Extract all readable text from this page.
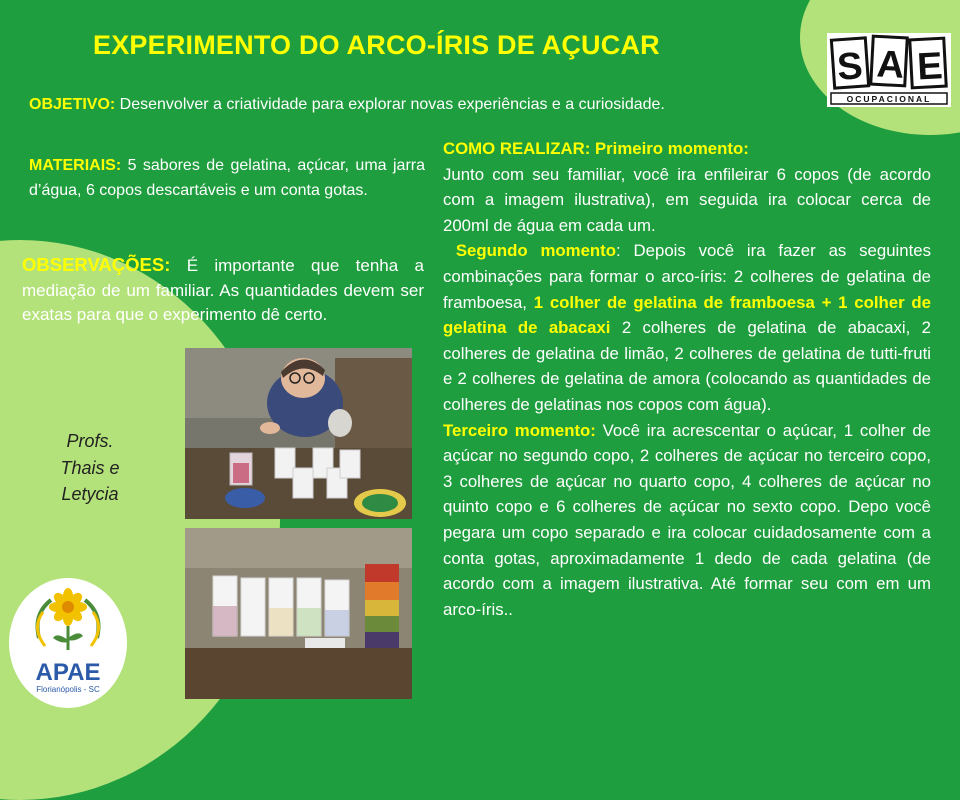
EXPERIMENTO DO ARCO-ÍRIS DE AÇUCAR
S A E
OCUPACIONAL
OBJETIVO: Desenvolver a criatividade para explorar novas experiências e a curiosidade.
MATERIAIS: 5 sabores de gelatina, açúcar, uma jarra d’água, 6 copos descartáveis e um conta gotas.
OBSERVAÇÕES: É importante que tenha a mediação de um familiar. As quantidades devem ser exatas para que o experimento dê certo.
COMO REALIZAR: Primeiro momento:
Junto com seu familiar, você ira enfileirar 6 copos (de acordo com a imagem ilustrativa), em seguida ira colocar cerca de 200ml de água em cada um.
Segundo momento: Depois você ira fazer as seguintes combinações para formar o arco-íris: 2 colheres de gelatina de framboesa, 1 colher de gelatina de framboesa + 1 colher de gelatina de abacaxi 2 colheres de gelatina de abacaxi, 2 colheres de gelatina de limão, 2 colheres de gelatina de tutti-fruti e 2 colheres de gelatina de amora (colocando as quantidades de colheres de gelatinas nos copos com água).
Terceiro momento: Você ira acrescentar o açúcar, 1 colher de açúcar no segundo copo, 2 colheres de açúcar no terceiro copo, 3 colheres de açúcar no quarto copo, 4 colheres de açúcar no quinto copo e 6 colheres de açúcar no sexto copo. Depo você pegara um copo separado e ira colocar cuidadosamente com a conta gotas, aproximadamente 1 dedo de cada gelatina (de acordo com a imagem ilustrativa. Até formar seu com em um arco-íris..
Profs.
Thais e
Letycia
APAE
Florianópolis - SC
